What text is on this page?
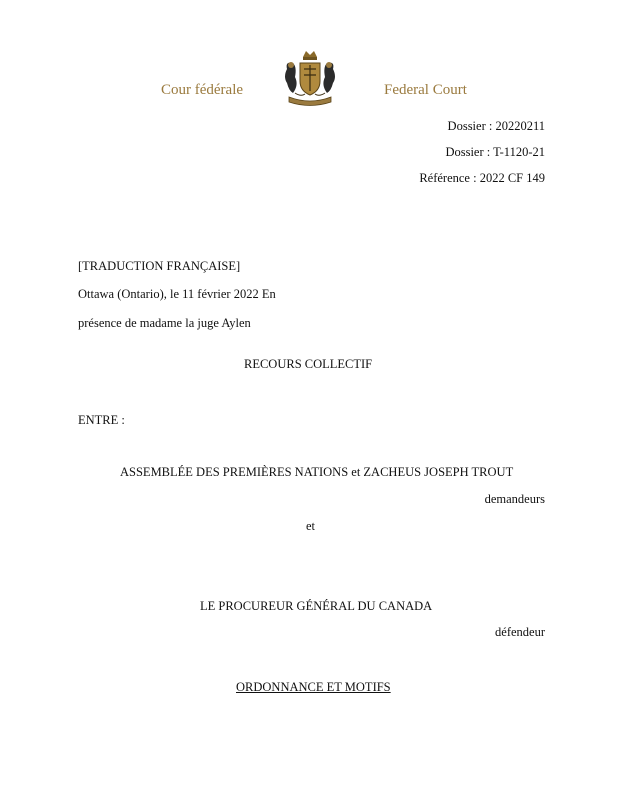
Cour fédérale	Federal Court
Dossier : 20220211
Dossier : T-1120-21
Référence : 2022 CF 149
[TRADUCTION FRANÇAISE]
Ottawa (Ontario), le 11 février 2022 En
présence de madame la juge Aylen
RECOURS COLLECTIF
ENTRE :
ASSEMBLÉE DES PREMIÈRES NATIONS et ZACHEUS JOSEPH TROUT
demandeurs
et
LE PROCUREUR GÉNÉRAL DU CANADA
défendeur
ORDONNANCE ET MOTIFS
